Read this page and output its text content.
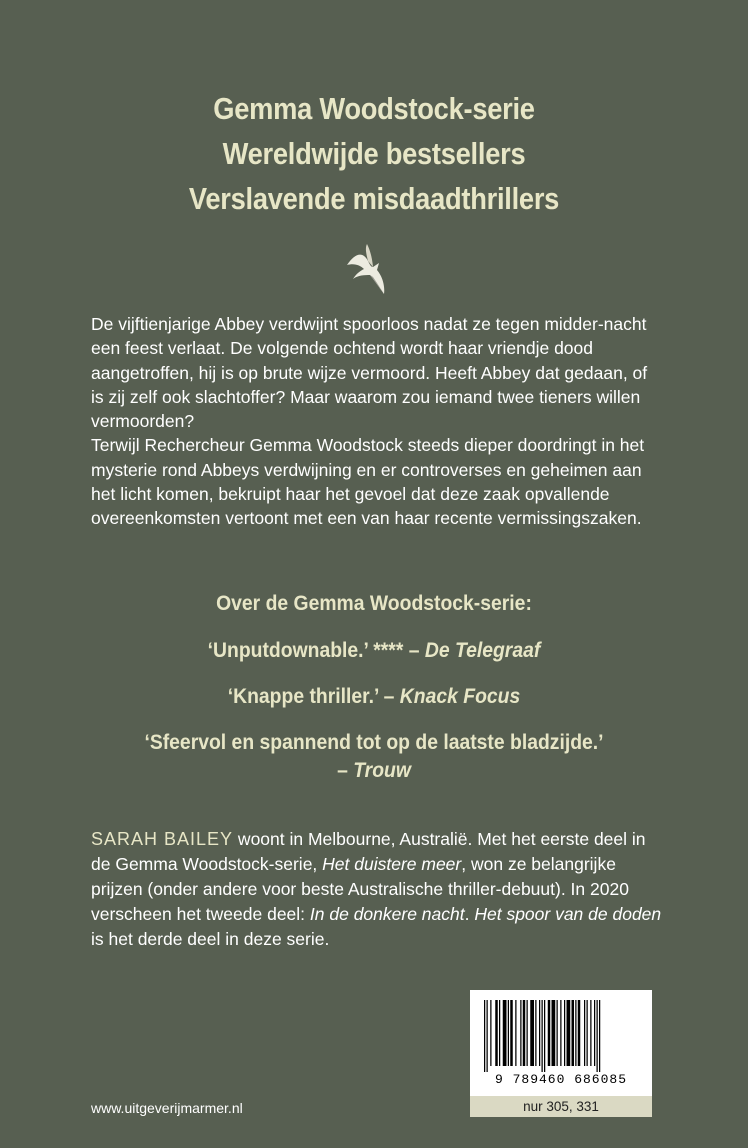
Gemma Woodstock-serie
Wereldwijde bestsellers
Verslavende misdaadthrillers

De vijftienjarige Abbey verdwijnt spoorloos nadat ze tegen midder-nacht een feest verlaat. De volgende ochtend wordt haar vriendje dood aangetroffen, hij is op brute wijze vermoord. Heeft Abbey dat gedaan, of is zij zelf ook slachtoffer? Maar waarom zou iemand twee tieners willen vermoorden?

Terwijl Rechercheur Gemma Woodstock steeds dieper doordringt in het mysterie rond Abbeys verdwijning en er controverses en geheimen aan het licht komen, bekruipt haar het gevoel dat deze zaak opvallende overeenkomsten vertoont met een van haar recente vermissingszaken.

Over de Gemma Woodstock-serie:
‘Unputdownable.’ **** – De Telegraaf
‘Knappe thriller.’ – Knack Focus
‘Sfeervol en spannend tot op de laatste bladzijde.’
– Trouw

SARAH BAILEY woont in Melbourne, Australië. Met het eerste deel in de Gemma Woodstock-serie, Het duistere meer, won ze belangrijke prijzen (onder andere voor beste Australische thriller-debuut). In 2020 verscheen het tweede deel: In de donkere nacht. Het spoor van de doden is het derde deel in deze serie.

9 789460 686085
nur 305, 331
www.uitgeverijmarmer.nl
